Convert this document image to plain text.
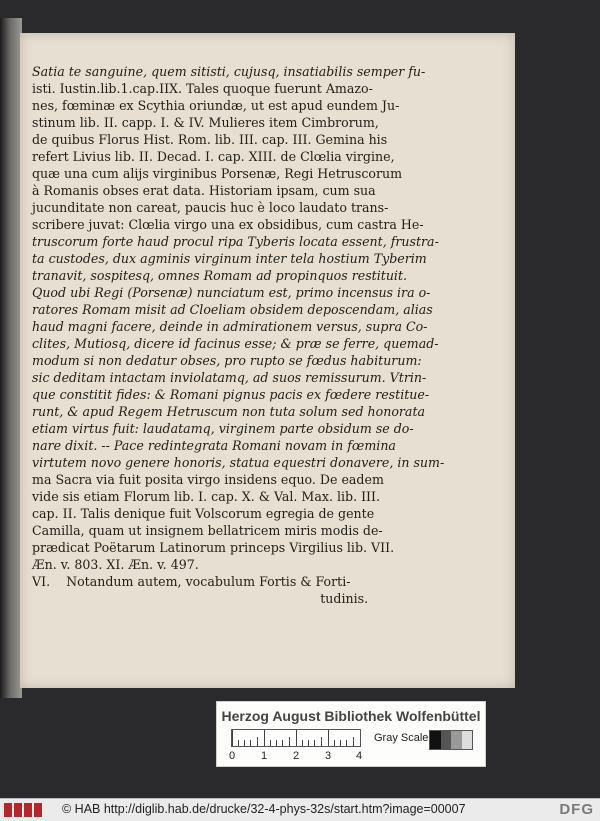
Satia te sanguine, quem sitisti, cujusq, insatiabilis semper fu-
isti. Iustin.lib.1.cap.IIX. Tales quoque fuerunt Amazo-
nes, fœminæ ex Scythia oriundæ, ut est apud eundem Ju-
stinum lib. II. capp. I. & IV. Mulieres item Cimbrorum,
de quibus Florus Hist. Rom. lib. III. cap. III. Gemina his
refert Livius lib. II. Decad. I. cap. XIII. de Clœlia virgine,
quæ una cum alijs virginibus Porsenæ, Regi Hetruscorum
à Romanis obses erat data. Historiam ipsam, cum sua
jucunditate non careat, paucis huc è loco laudato trans-
scribere juvat: Clœlia virgo una ex obsidibus, cum castra He-
truscorum forte haud procul ripa Tyberis locata essent, frustra-
ta custodes, dux agminis virginum inter tela hostium Tyberim
tranavit, sospitesq, omnes Romam ad propinquos restituit.
Quod ubi Regi (Porsenæ) nunciatum est, primo incensus ira o-
ratores Romam misit ad Cloeliam obsidem deposcendam, alias
haud magni facere, deinde in admirationem versus, supra Co-
clites, Mutiosq, dicere id facinus esse; & præ se ferre, quemad-
modum si non dedatur obses, pro rupto se fœdus habiturum:
sic deditam intactam inviolatamq, ad suos remissurum. Vtrin-
que constitit fides: & Romani pignus pacis ex fœdere restitue-
runt, & apud Regem Hetruscum non tuta solum sed honorata
etiam virtus fuit: laudatamq, virginem parte obsidum se do-
nare dixit. -- Pace redintegrata Romani novam in fœmina
virtutem novo genere honoris, statua equestri donavere, in sum-
ma Sacra via fuit posita virgo insidens equo. De eadem
vide sis etiam Florum lib. I. cap. X. & Val. Max. lib. III.
cap. II. Talis denique fuit Volscorum egregia de gente
Camilla, quam ut insignem bellatricem miris modis de-
prædicat Poëtarum Latinorum princeps Virgilius lib. VII.
Æn. v. 803. XI. Æn. v. 497.
VI.    Notandum autem, vocabulum Fortis & Forti-
tudinis.
Herzog August Bibliothek Wolfenbüttel
0 1 2 3 4
Gray Scale
© HAB http://diglib.hab.de/drucke/32-4-phys-32s/start.htm?image=00007	DFG
